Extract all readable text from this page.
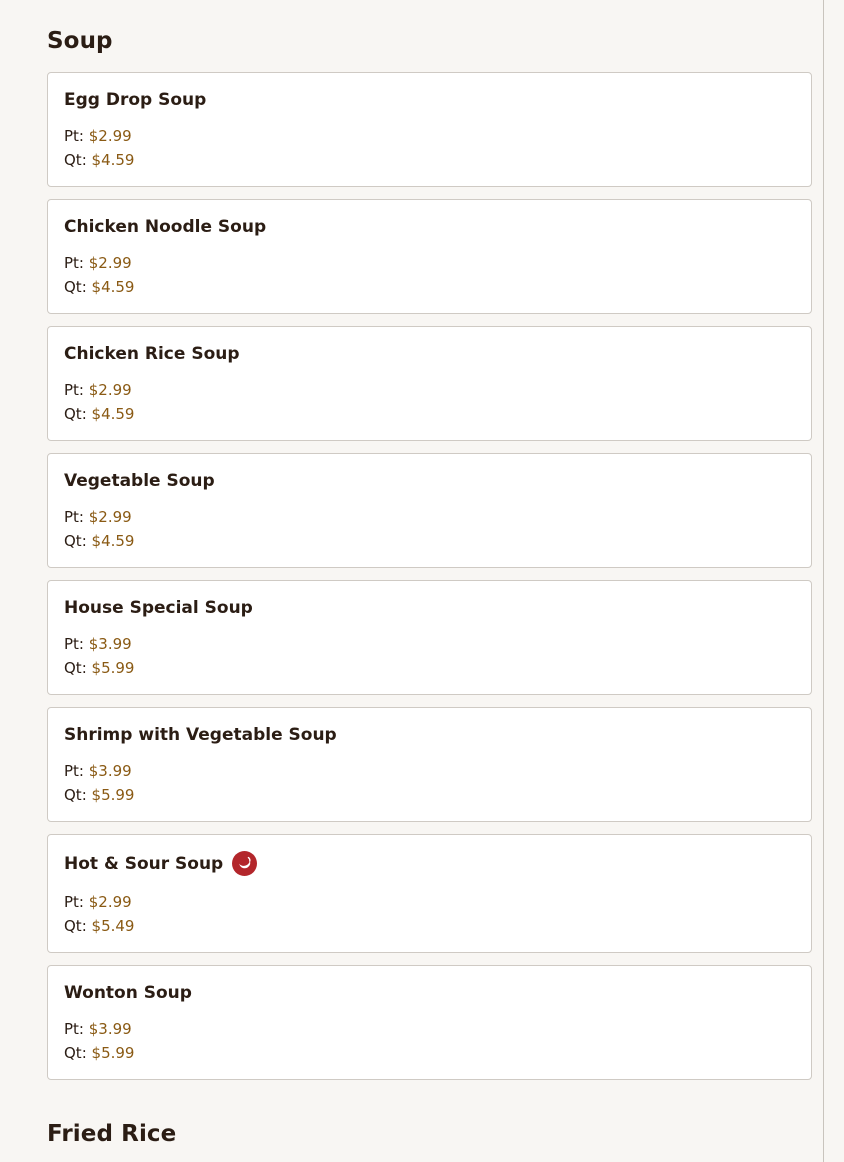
Soup
Egg Drop Soup
Pt: $2.99
Qt: $4.59
Chicken Noodle Soup
Pt: $2.99
Qt: $4.59
Chicken Rice Soup
Pt: $2.99
Qt: $4.59
Vegetable Soup
Pt: $2.99
Qt: $4.59
House Special Soup
Pt: $3.99
Qt: $5.99
Shrimp with Vegetable Soup
Pt: $3.99
Qt: $5.99
Hot & Sour Soup
Pt: $2.99
Qt: $5.49
Wonton Soup
Pt: $3.99
Qt: $5.99
Fried Rice
